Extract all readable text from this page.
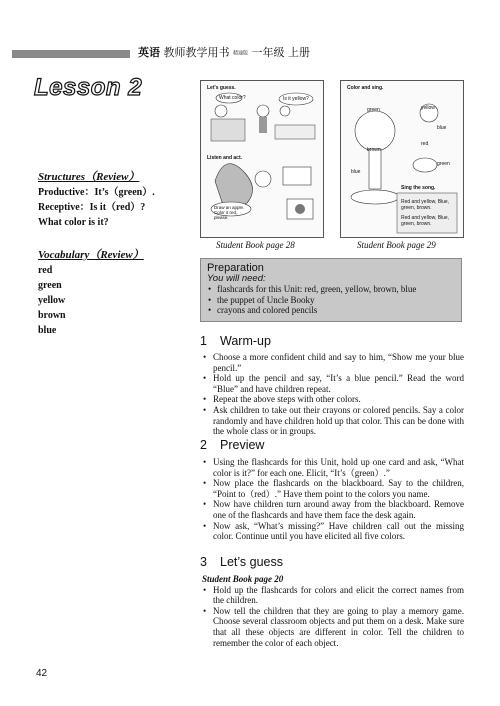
英语 教师教学用书 精通版 一年级 上册
Lesson 2
Structures（Review）
Productive：It’s（green）.
Receptive：Is it（red）?
What color is it?
Vocabulary（Review）
red
green
yellow
brown
blue
Let's guess.
What color?	Is it yellow?
Listen and act.
Draw an apple. Color it red, please.
Student Book page 28
Color and sing.
green	yellow
blue
brown
red
green
blue
Sing the song.
Red and yellow, Blue, green, brown.
Red and yellow, Blue, green, brown.
Student Book page 29
Preparation
You will need:
• flashcards for this Unit: red, green, yellow, brown, blue
• the puppet of Uncle Booky
• crayons and colored pencils
1 Warm-up
• Choose a more confident child and say to him, “Show me your blue pencil.”
• Hold up the pencil and say, “It’s a blue pencil.” Read the word “Blue” and have children repeat.
• Repeat the above steps with other colors.
• Ask children to take out their crayons or colored pencils. Say a color randomly and have children hold up that color. This can be done with the whole class or in groups.
2 Preview
• Using the flashcards for this Unit, hold up one card and ask, “What color is it?” for each one. Elicit, “It’s（green）.”
• Now place the flashcards on the blackboard. Say to the children, “Point to（red）.” Have them point to the colors you name.
• Now have children turn around away from the blackboard. Remove one of the flashcards and have them face the desk again.
• Now ask, “What’s missing?” Have children call out the missing color. Continue until you have elicited all five colors.
3 Let’s guess
Student Book page 20
• Hold up the flashcards for colors and elicit the correct names from the children.
• Now tell the children that they are going to play a memory game. Choose several classroom objects and put them on a desk. Make sure that all these objects are different in color. Tell the children to remember the color of each object.
42
